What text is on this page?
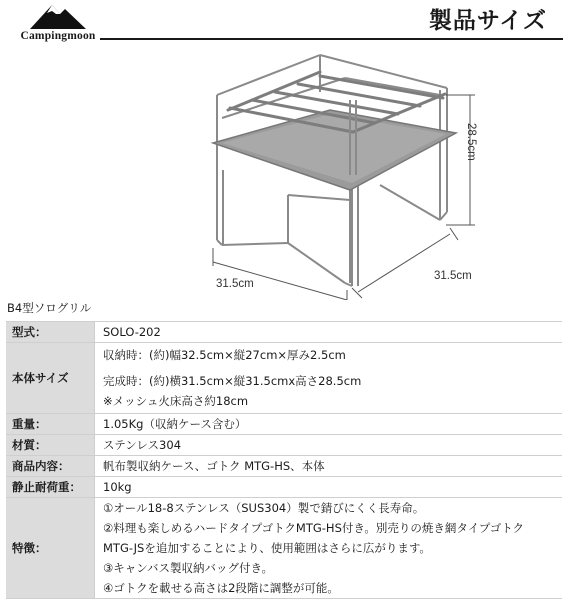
Campingmoon
製品サイズ
28.5cm
31.5cm
31.5cm
B4型ソログリル
型式：	SOLO-202

本体サイズ	収納時：(約)幅32.5cm×縦27cm×厚み2.5cm
完成時：(約)横31.5cm×縦31.5cmx高さ28.5cm
※メッシュ火床高さ約18cm

重量：	1.05Kg（収納ケース含む）

材質：	ステンレス304

商品内容：	帆布製収納ケース、ゴトク MTG-HS、本体

静止耐荷重：	10kg

特徴：	①オール18-8ステンレス（SUS304）製で錆びにくく長寿命。
②料理も楽しめるハードタイプゴトクMTG-HS付き。別売りの焼き網タイプゴトク
MTG-JSを追加することにより、使用範囲はさらに広がります。
③キャンバス製収納バッグ付き。
④ゴトクを載せる高さは2段階に調整が可能。
